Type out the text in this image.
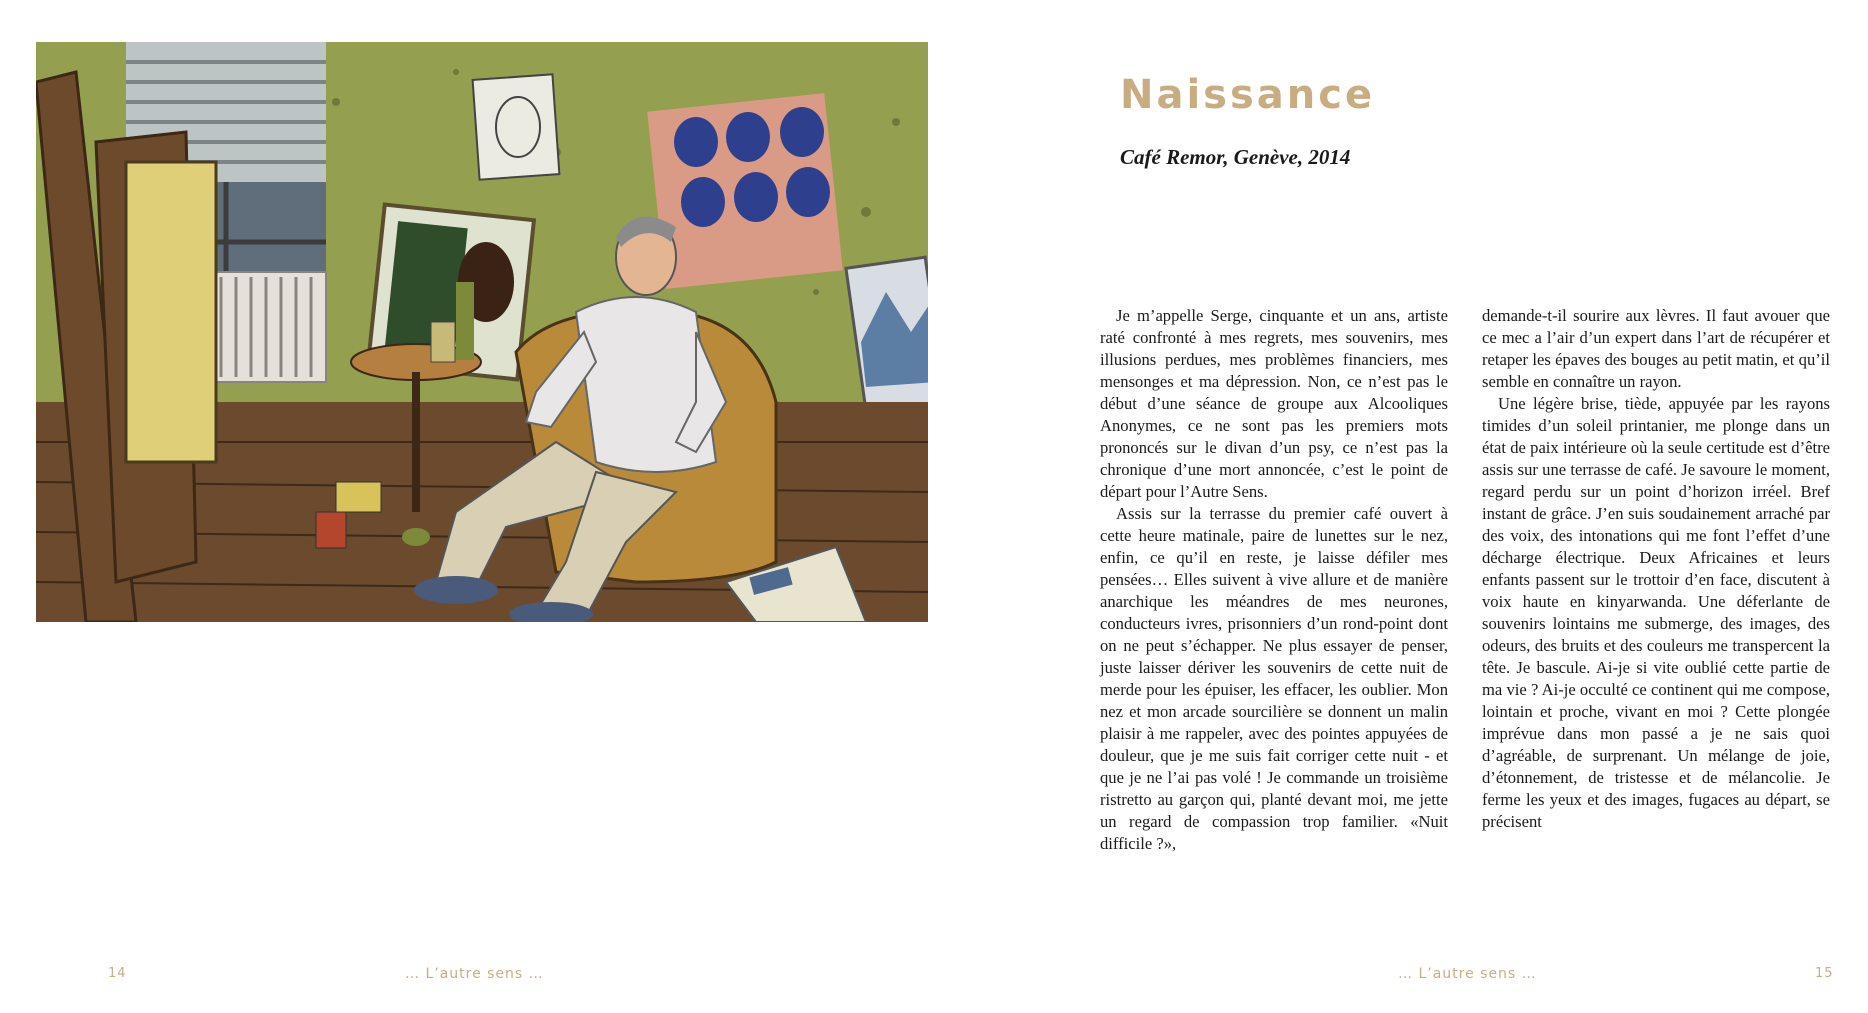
Naissance
Café Remor, Genève, 2014

Je m’appelle Serge, cinquante et un ans, artiste raté confronté à mes regrets, mes souvenirs, mes illusions perdues, mes problèmes financiers, mes mensonges et ma dépression. Non, ce n’est pas le début d’une séance de groupe aux Alcooliques Anonymes, ce ne sont pas les premiers mots prononcés sur le divan d’un psy, ce n’est pas la chronique d’une mort annoncée, c’est le point de départ pour l’Autre Sens.

Assis sur la terrasse du premier café ouvert à cette heure matinale, paire de lunettes sur le nez, enfin, ce qu’il en reste, je laisse défiler mes pensées… Elles suivent à vive allure et de manière anarchique les méandres de mes neurones, conducteurs ivres, prisonniers d’un rond-point dont on ne peut s’échapper. Ne plus essayer de penser, juste laisser dériver les souvenirs de cette nuit de merde pour les épuiser, les effacer, les oublier. Mon nez et mon arcade sourcilière se donnent un malin plaisir à me rappeler, avec des pointes appuyées de douleur, que je me suis fait corriger cette nuit - et que je ne l’ai pas volé ! Je commande un troisième ristretto au garçon qui, planté devant moi, me jette un regard de compassion trop familier. «Nuit difficile ?»,

demande-t-il sourire aux lèvres. Il faut avouer que ce mec a l’air d’un expert dans l’art de récupérer et retaper les épaves des bouges au petit matin, et qu’il semble en connaître un rayon.

Une légère brise, tiède, appuyée par les rayons timides d’un soleil printanier, me plonge dans un état de paix intérieure où la seule certitude est d’être assis sur une terrasse de café. Je savoure le moment, regard perdu sur un point d’horizon irréel. Bref instant de grâce. J’en suis soudainement arraché par des voix, des intonations qui me font l’effet d’une décharge électrique. Deux Africaines et leurs enfants passent sur le trottoir d’en face, discutent à voix haute en kinyarwanda. Une déferlante de souvenirs lointains me submerge, des images, des odeurs, des bruits et des couleurs me transpercent la tête. Je bascule. Ai-je si vite oublié cette partie de ma vie ? Ai-je occulté ce continent qui me compose, lointain et proche, vivant en moi ? Cette plongée imprévue dans mon passé a je ne sais quoi d’agréable, de surprenant. Un mélange de joie, d’étonnement, de tristesse et de mélancolie. Je ferme les yeux et des images, fugaces au départ, se précisent

14	… L’autre sens …	… L’autre sens …	15
